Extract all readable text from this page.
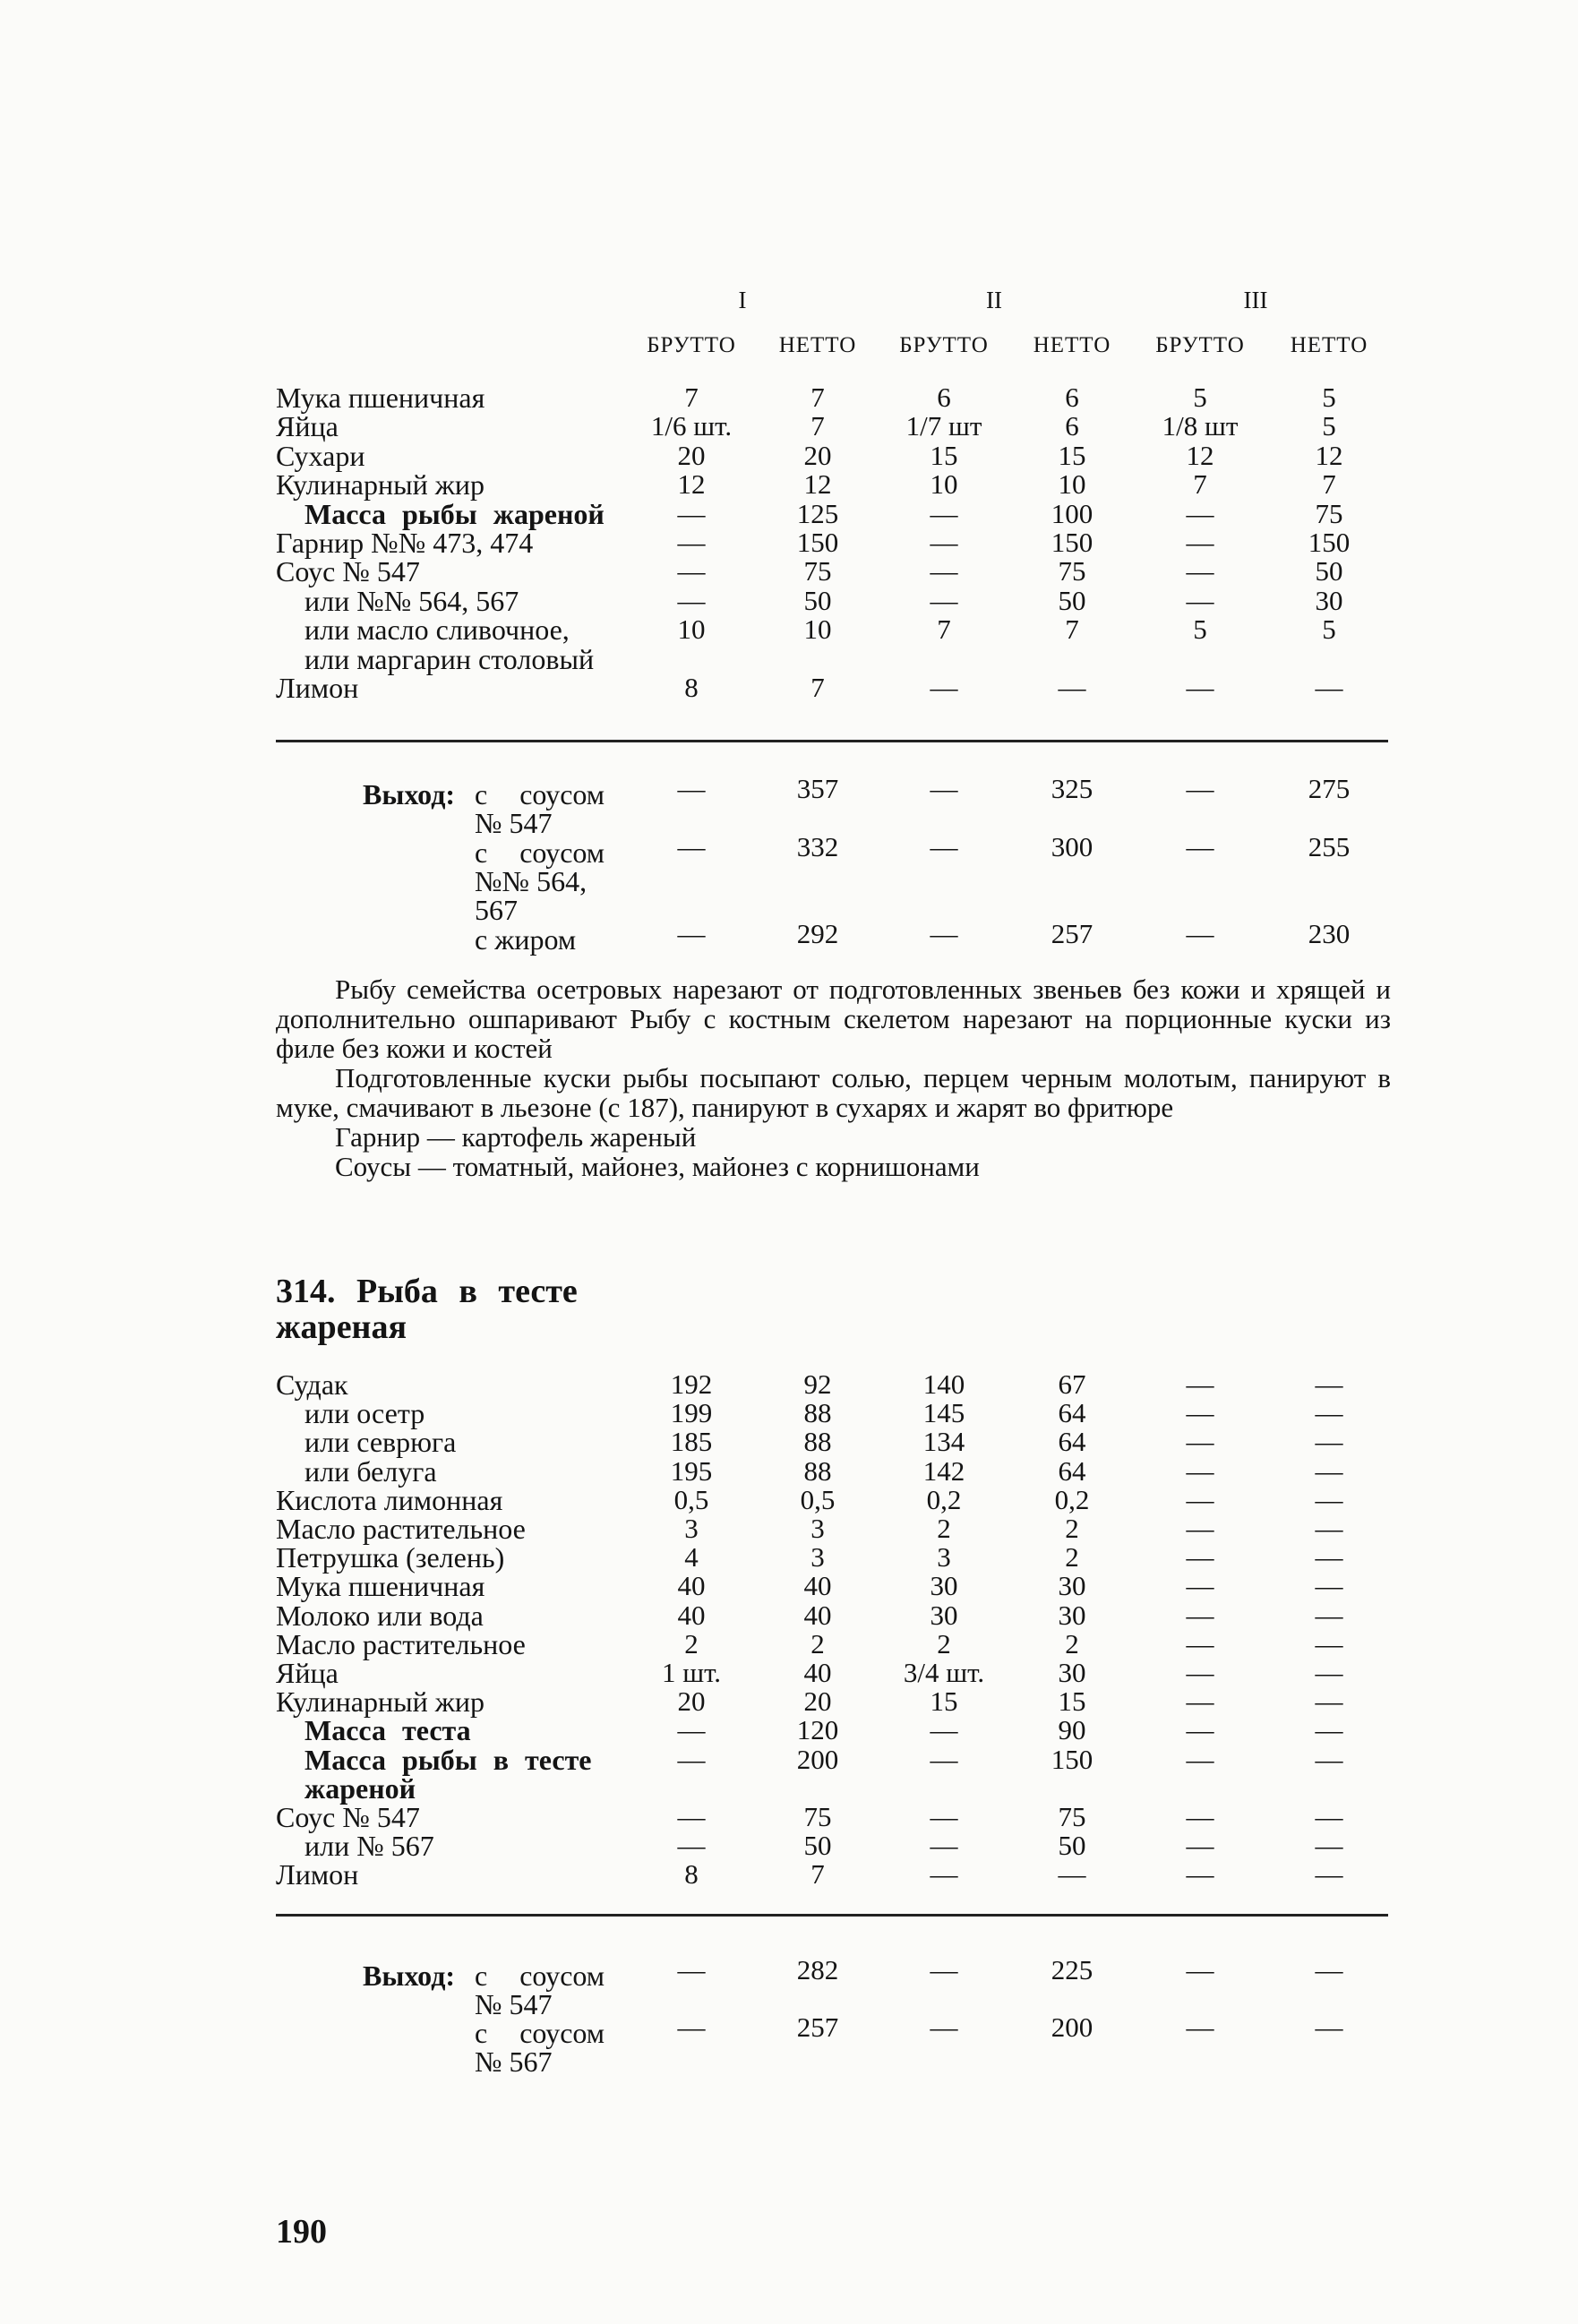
I	II	III
БРУТТО	НЕТТО	БРУТТО	НЕТТО	БРУТТО	НЕТТО
Мука пшеничная	7	7	6	6	5	5
Яйца	1/6 шт.	7	1/7 шт	6	1/8 шт	5
Сухари	20	20	15	15	12	12
Кулинарный жир	12	12	10	10	7	7
Масса рыбы жареной	—	125	—	100	—	75
Гарнир №№ 473, 474	—	150	—	150	—	150
Соус № 547	—	75	—	75	—	50
или №№ 564, 567	—	50	—	50	—	30
или масло сливочное,	10	10	7	7	5	5
или маргарин столовый
Лимон	8	7	—	—	—	—
Выход: с соусом
№ 547
—	357	—	325	—	275
с соусом
№№ 564,
567
—	332	—	300	—	255
с жиром	—	292	—	257	—	230

Рыбу семейства осетровых нарезают от подготовленных звеньев без кожи и хрящей и дополнительно ошпаривают Рыбу с костным скелетом нарезают на порционные куски из филе без кожи и костей

Подготовленные куски рыбы посыпают солью, перцем черным молотым, панируют в муке, смачивают в льезоне (с 187), панируют в сухарях и жарят во фритюре

Гарнир — картофель жареный

Соусы — томатный, майонез, майонез с корнишонами

314. Рыба в тесте
жареная
Судак	192	92	140	67	—	—
или осетр	199	88	145	64	—	—
или севрюга	185	88	134	64	—	—
или белуга	195	88	142	64	—	—
Кислота лимонная	0,5	0,5	0,2	0,2	—	—
Масло растительное	3	3	2	2	—	—
Петрушка (зелень)	4	3	3	2	—	—
Мука пшеничная	40	40	30	30	—	—
Молоко или вода	40	40	30	30	—	—
Масло растительное	2	2	2	2	—	—
Яйца	1 шт.	40	3/4 шт.	30	—	—
Кулинарный жир	20	20	15	15	—	—
Масса теста	—	120	—	90	—	—
Масса рыбы в тесте	—	200	—	150	—	—
жареной
Соус № 547	—	75	—	75	—	—
или № 567	—	50	—	50	—	—
Лимон	8	7	—	—	—	—
Выход: с соусом
№ 547
—	282	—	225	—	—
с соусом
№ 567
—	257	—	200	—	—
190
